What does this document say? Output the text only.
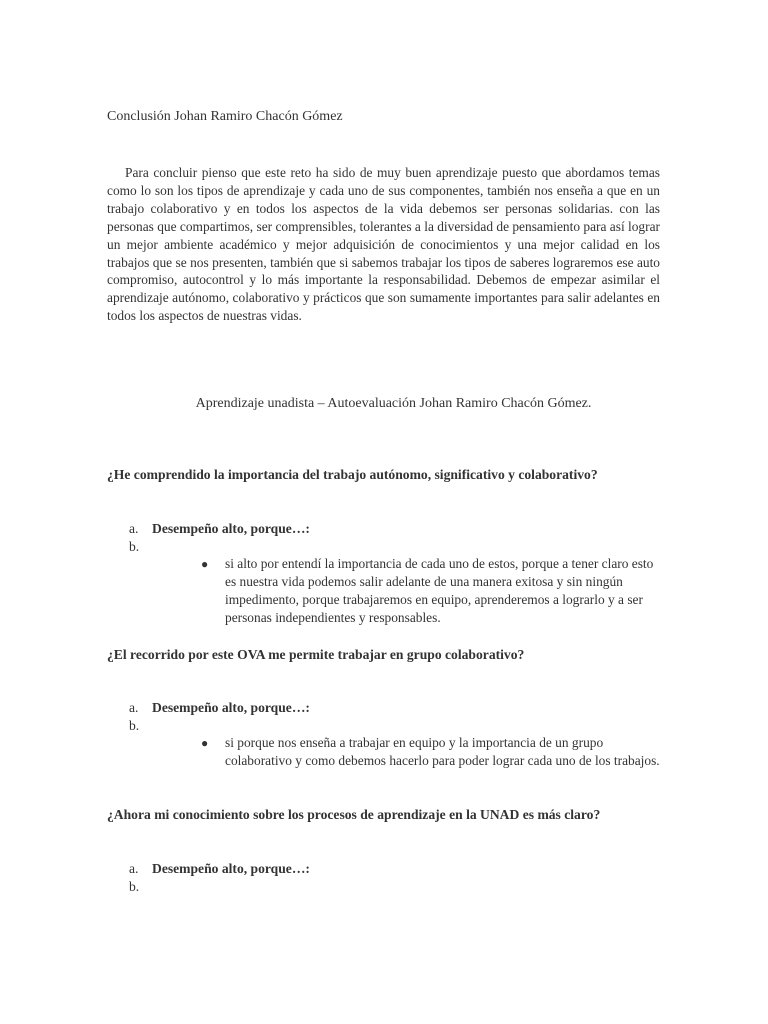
Conclusión Johan Ramiro Chacón Gómez
Para concluir pienso que este reto ha sido de muy buen aprendizaje puesto que abordamos temas como lo son los tipos de aprendizaje y cada uno de sus componentes, también nos enseña a que en un trabajo colaborativo y en todos los aspectos de la vida debemos ser personas solidarias. con las personas que compartimos, ser comprensibles, tolerantes a la diversidad de pensamiento para así lograr un mejor ambiente académico y mejor adquisición de conocimientos y una mejor calidad en los trabajos que se nos presenten, también que si sabemos trabajar los tipos de saberes lograremos ese auto compromiso, autocontrol y lo más importante la responsabilidad. Debemos de empezar asimilar el aprendizaje autónomo, colaborativo y prácticos que son sumamente importantes para salir adelantes en todos los aspectos de nuestras vidas.
Aprendizaje unadista – Autoevaluación Johan Ramiro Chacón Gómez.
¿He comprendido la importancia del trabajo autónomo, significativo y colaborativo?
a. Desempeño alto, porque…:
b.
●	si alto por entendí la importancia de cada uno de estos, porque a tener claro esto es nuestra vida podemos salir adelante de una manera exitosa y sin ningún impedimento, porque trabajaremos en equipo, aprenderemos a lograrlo y a ser personas independientes y responsables.
¿El recorrido por este OVA me permite trabajar en grupo colaborativo?
a. Desempeño alto, porque…:
b.
●	si porque nos enseña a trabajar en equipo y la importancia de un grupo colaborativo y como debemos hacerlo para poder lograr cada uno de los trabajos.
¿Ahora mi conocimiento sobre los procesos de aprendizaje en la UNAD es más claro?
a. Desempeño alto, porque…:
b.
